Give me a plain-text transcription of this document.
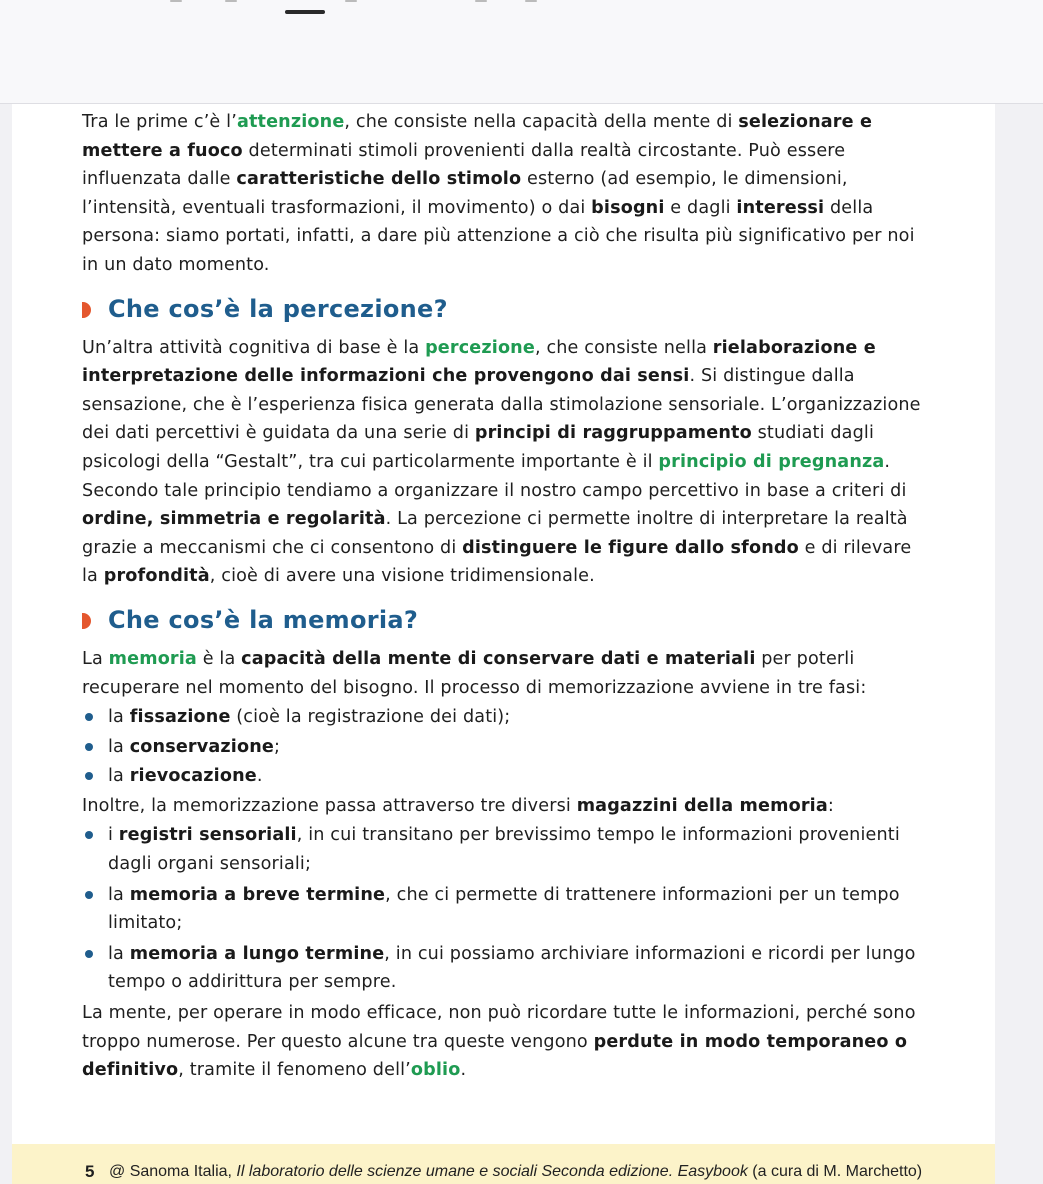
Tra le prime c’è l’attenzione, che consiste nella capacità della mente di selezionare e mettere a fuoco determinati stimoli provenienti dalla realtà circostante. Può essere influenzata dalle caratteristiche dello stimolo esterno (ad esempio, le dimensioni, l’intensità, eventuali trasformazioni, il movimento) o dai bisogni e dagli interessi della persona: siamo portati, infatti, a dare più attenzione a ciò che risulta più significativo per noi in un dato momento.

Che cos’è la percezione?

Un’altra attività cognitiva di base è la percezione, che consiste nella rielaborazione e interpretazione delle informazioni che provengono dai sensi. Si distingue dalla sensazione, che è l’esperienza fisica generata dalla stimolazione sensoriale. L’organizzazione dei dati percettivi è guidata da una serie di principi di raggruppamento studiati dagli psicologi della “Gestalt”, tra cui particolarmente importante è il principio di pregnanza. Secondo tale principio tendiamo a organizzare il nostro campo percettivo in base a criteri di ordine, simmetria e regolarità. La percezione ci permette inoltre di interpretare la realtà grazie a meccanismi che ci consentono di distinguere le figure dallo sfondo e di rilevare la profondità, cioè di avere una visione tridimensionale.

Che cos’è la memoria?

La memoria è la capacità della mente di conservare dati e materiali per poterli recuperare nel momento del bisogno. Il processo di memorizzazione avviene in tre fasi:

la fissazione (cioè la registrazione dei dati);
la conservazione;
la rievocazione.

Inoltre, la memorizzazione passa attraverso tre diversi magazzini della memoria:

i registri sensoriali, in cui transitano per brevissimo tempo le informazioni provenienti dagli organi sensoriali;
la memoria a breve termine, che ci permette di trattenere informazioni per un tempo limitato;
la memoria a lungo termine, in cui possiamo archiviare informazioni e ricordi per lungo tempo o addirittura per sempre.

La mente, per operare in modo efficace, non può ricordare tutte le informazioni, perché sono troppo numerose. Per questo alcune tra queste vengono perdute in modo temporaneo o definitivo, tramite il fenomeno dell’oblio.

5 @ Sanoma Italia, Il laboratorio delle scienze umane e sociali Seconda edizione. Easybook (a cura di M. Marchetto)
